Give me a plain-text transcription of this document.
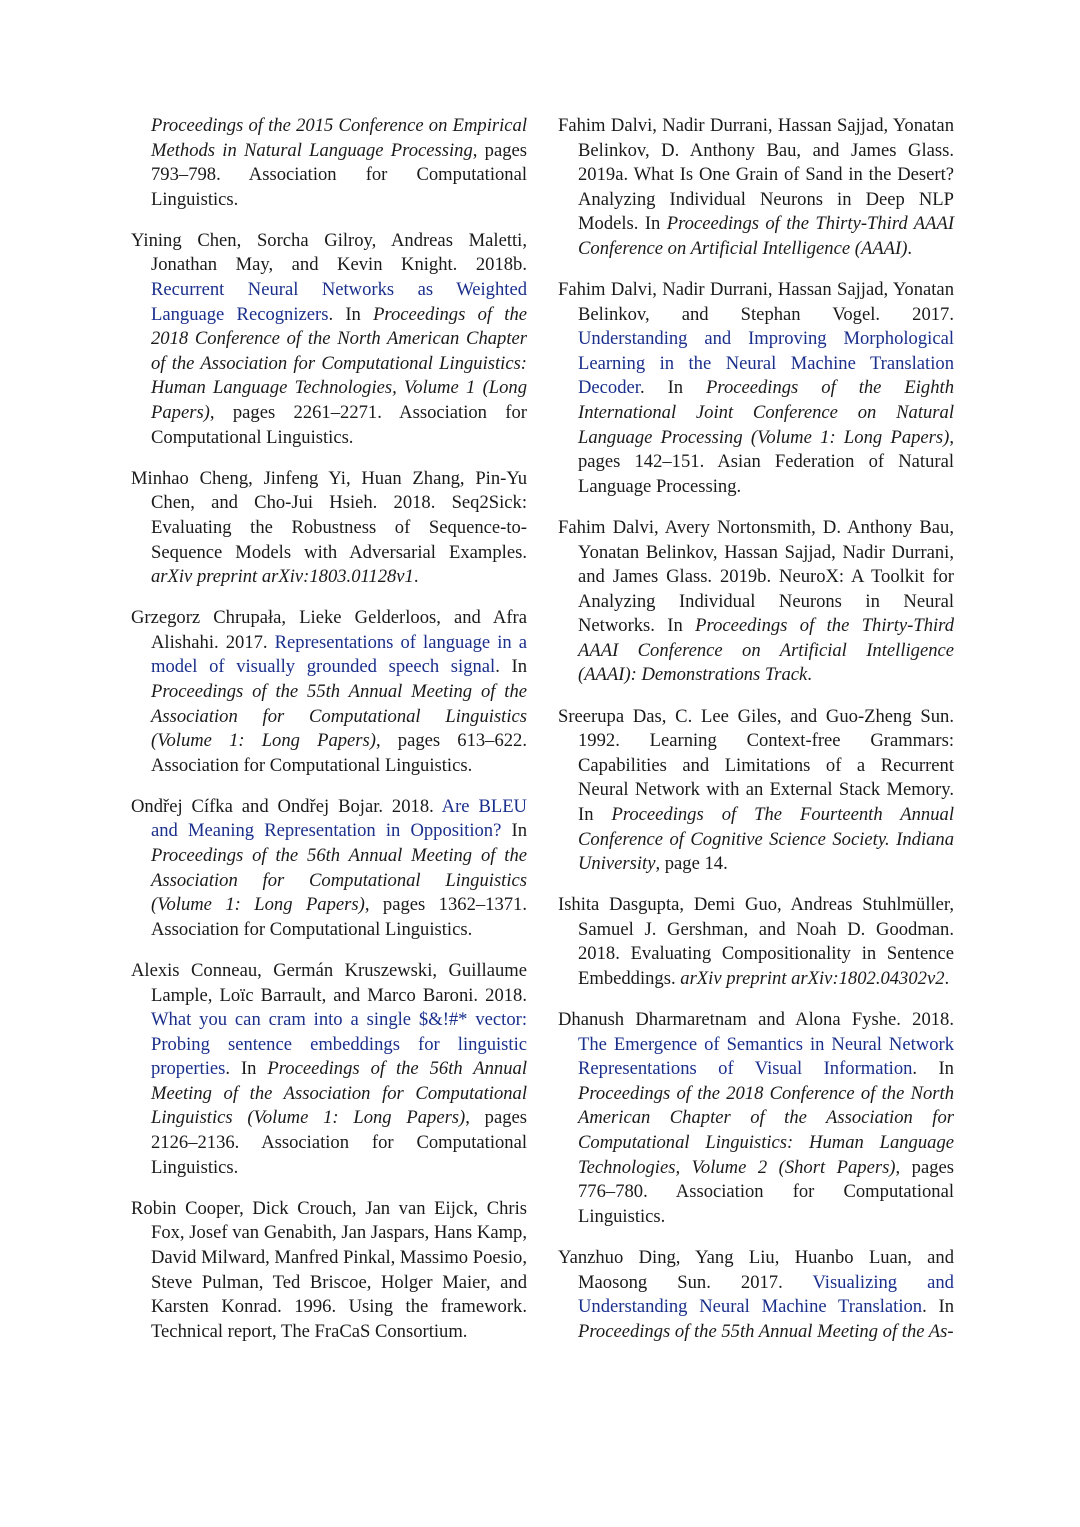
Proceedings of the 2015 Conference on Empirical Methods in Natural Language Processing, pages 793–798. Association for Computational Linguistics.

Yining Chen, Sorcha Gilroy, Andreas Maletti, Jonathan May, and Kevin Knight. 2018b. Recurrent Neural Networks as Weighted Language Recognizers. In Proceedings of the 2018 Conference of the North American Chapter of the Association for Computational Linguistics: Human Language Technologies, Volume 1 (Long Papers), pages 2261–2271. Association for Computational Linguistics.

Minhao Cheng, Jinfeng Yi, Huan Zhang, Pin-Yu Chen, and Cho-Jui Hsieh. 2018. Seq2Sick: Evaluating the Robustness of Sequence-to-Sequence Models with Adversarial Examples. arXiv preprint arXiv:1803.01128v1.

Grzegorz Chrupała, Lieke Gelderloos, and Afra Alishahi. 2017. Representations of language in a model of visually grounded speech signal. In Proceedings of the 55th Annual Meeting of the Association for Computational Linguistics (Volume 1: Long Papers), pages 613–622. Association for Computational Linguistics.

Ondřej Cífka and Ondřej Bojar. 2018. Are BLEU and Meaning Representation in Opposition? In Proceedings of the 56th Annual Meeting of the Association for Computational Linguistics (Volume 1: Long Papers), pages 1362–1371. Association for Computational Linguistics.

Alexis Conneau, Germán Kruszewski, Guillaume Lample, Loïc Barrault, and Marco Baroni. 2018. What you can cram into a single $&!#* vector: Probing sentence embeddings for linguistic properties. In Proceedings of the 56th Annual Meeting of the Association for Computational Linguistics (Volume 1: Long Papers), pages 2126–2136. Association for Computational Linguistics.

Robin Cooper, Dick Crouch, Jan van Eijck, Chris Fox, Josef van Genabith, Jan Jaspars, Hans Kamp, David Milward, Manfred Pinkal, Massimo Poesio, Steve Pulman, Ted Briscoe, Holger Maier, and Karsten Konrad. 1996. Using the framework. Technical report, The FraCaS Consortium.

Fahim Dalvi, Nadir Durrani, Hassan Sajjad, Yonatan Belinkov, D. Anthony Bau, and James Glass. 2019a. What Is One Grain of Sand in the Desert? Analyzing Individual Neurons in Deep NLP Models. In Proceedings of the Thirty-Third AAAI Conference on Artificial Intelligence (AAAI).

Fahim Dalvi, Nadir Durrani, Hassan Sajjad, Yonatan Belinkov, and Stephan Vogel. 2017. Understanding and Improving Morphological Learning in the Neural Machine Translation Decoder. In Proceedings of the Eighth International Joint Conference on Natural Language Processing (Volume 1: Long Papers), pages 142–151. Asian Federation of Natural Language Processing.

Fahim Dalvi, Avery Nortonsmith, D. Anthony Bau, Yonatan Belinkov, Hassan Sajjad, Nadir Durrani, and James Glass. 2019b. NeuroX: A Toolkit for Analyzing Individual Neurons in Neural Networks. In Proceedings of the Thirty-Third AAAI Conference on Artificial Intelligence (AAAI): Demonstrations Track.

Sreerupa Das, C. Lee Giles, and Guo-Zheng Sun. 1992. Learning Context-free Grammars: Capabilities and Limitations of a Recurrent Neural Network with an External Stack Memory. In Proceedings of The Fourteenth Annual Conference of Cognitive Science Society. Indiana University, page 14.

Ishita Dasgupta, Demi Guo, Andreas Stuhlmüller, Samuel J. Gershman, and Noah D. Goodman. 2018. Evaluating Compositionality in Sentence Embeddings. arXiv preprint arXiv:1802.04302v2.

Dhanush Dharmaretnam and Alona Fyshe. 2018. The Emergence of Semantics in Neural Network Representations of Visual Information. In Proceedings of the 2018 Conference of the North American Chapter of the Association for Computational Linguistics: Human Language Technologies, Volume 2 (Short Papers), pages 776–780. Association for Computational Linguistics.

Yanzhuo Ding, Yang Liu, Huanbo Luan, and Maosong Sun. 2017. Visualizing and Understanding Neural Machine Translation. In Proceedings of the 55th Annual Meeting of the As-
